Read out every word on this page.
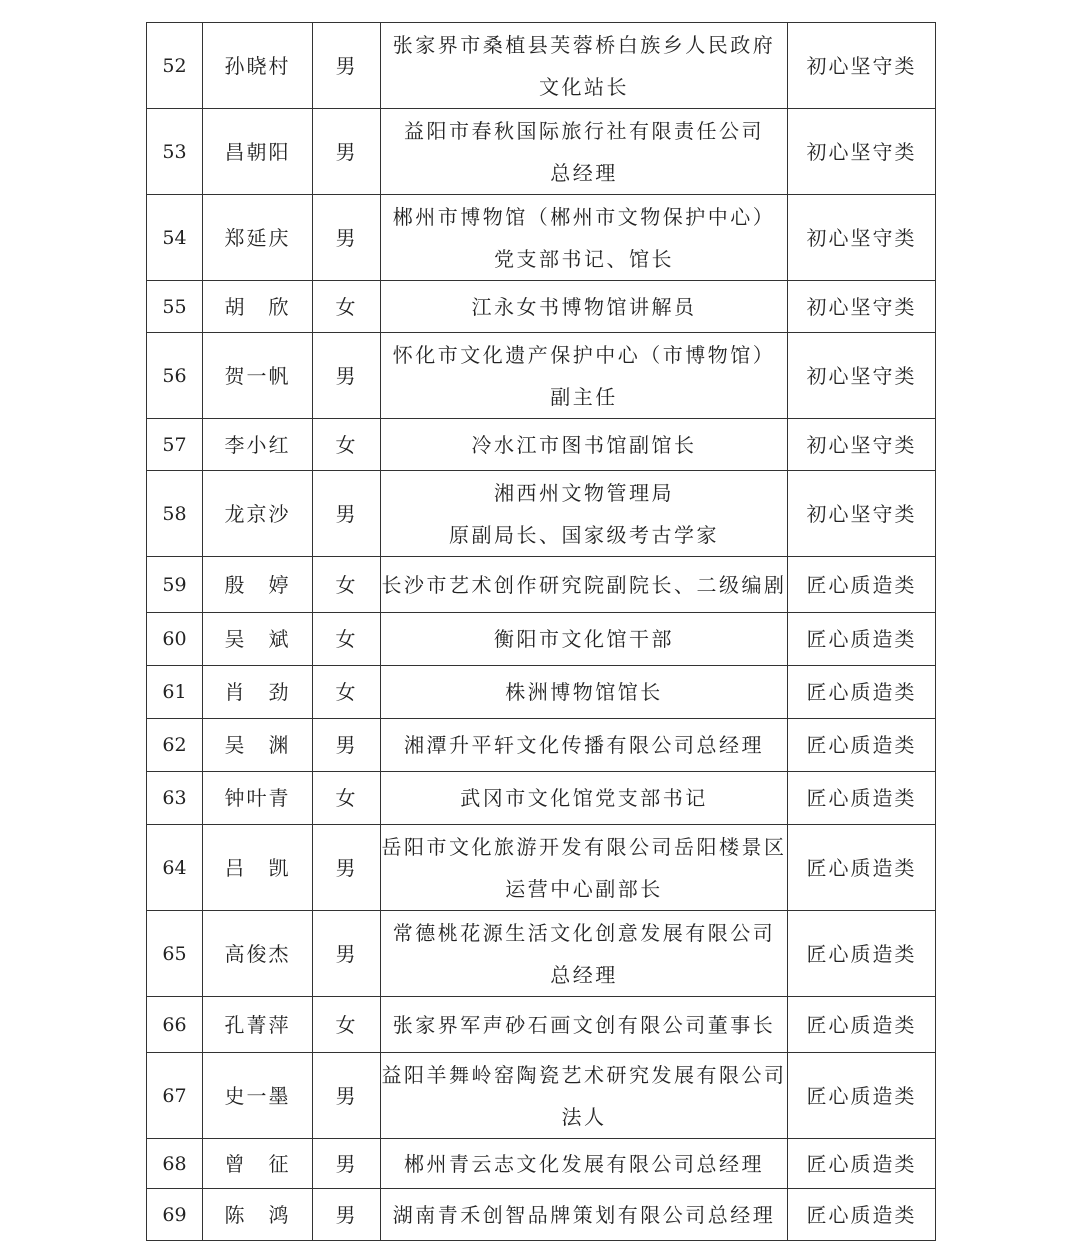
52	孙晓村	男	张家界市桑植县芙蓉桥白族乡人民政府
文化站长	初心坚守类
53	昌朝阳	男	益阳市春秋国际旅行社有限责任公司
总经理	初心坚守类
54	郑延庆	男	郴州市博物馆（郴州市文物保护中心）
党支部书记、馆长	初心坚守类
55	胡　欣	女	江永女书博物馆讲解员	初心坚守类
56	贺一帆	男	怀化市文化遗产保护中心（市博物馆）
副主任	初心坚守类
57	李小红	女	冷水江市图书馆副馆长	初心坚守类
58	龙京沙	男	湘西州文物管理局
原副局长、国家级考古学家	初心坚守类
59	殷　婷	女	长沙市艺术创作研究院副院长、二级编剧	匠心质造类
60	吴　斌	女	衡阳市文化馆干部	匠心质造类
61	肖　劲	女	株洲博物馆馆长	匠心质造类
62	吴　渊	男	湘潭升平轩文化传播有限公司总经理	匠心质造类
63	钟叶青	女	武冈市文化馆党支部书记	匠心质造类
64	吕　凯	男	岳阳市文化旅游开发有限公司岳阳楼景区
运营中心副部长	匠心质造类
65	高俊杰	男	常德桃花源生活文化创意发展有限公司
总经理	匠心质造类
66	孔菁萍	女	张家界军声砂石画文创有限公司董事长	匠心质造类
67	史一墨	男	益阳羊舞岭窑陶瓷艺术研究发展有限公司
法人	匠心质造类
68	曾　征	男	郴州青云志文化发展有限公司总经理	匠心质造类
69	陈　鸿	男	湖南青禾创智品牌策划有限公司总经理	匠心质造类
